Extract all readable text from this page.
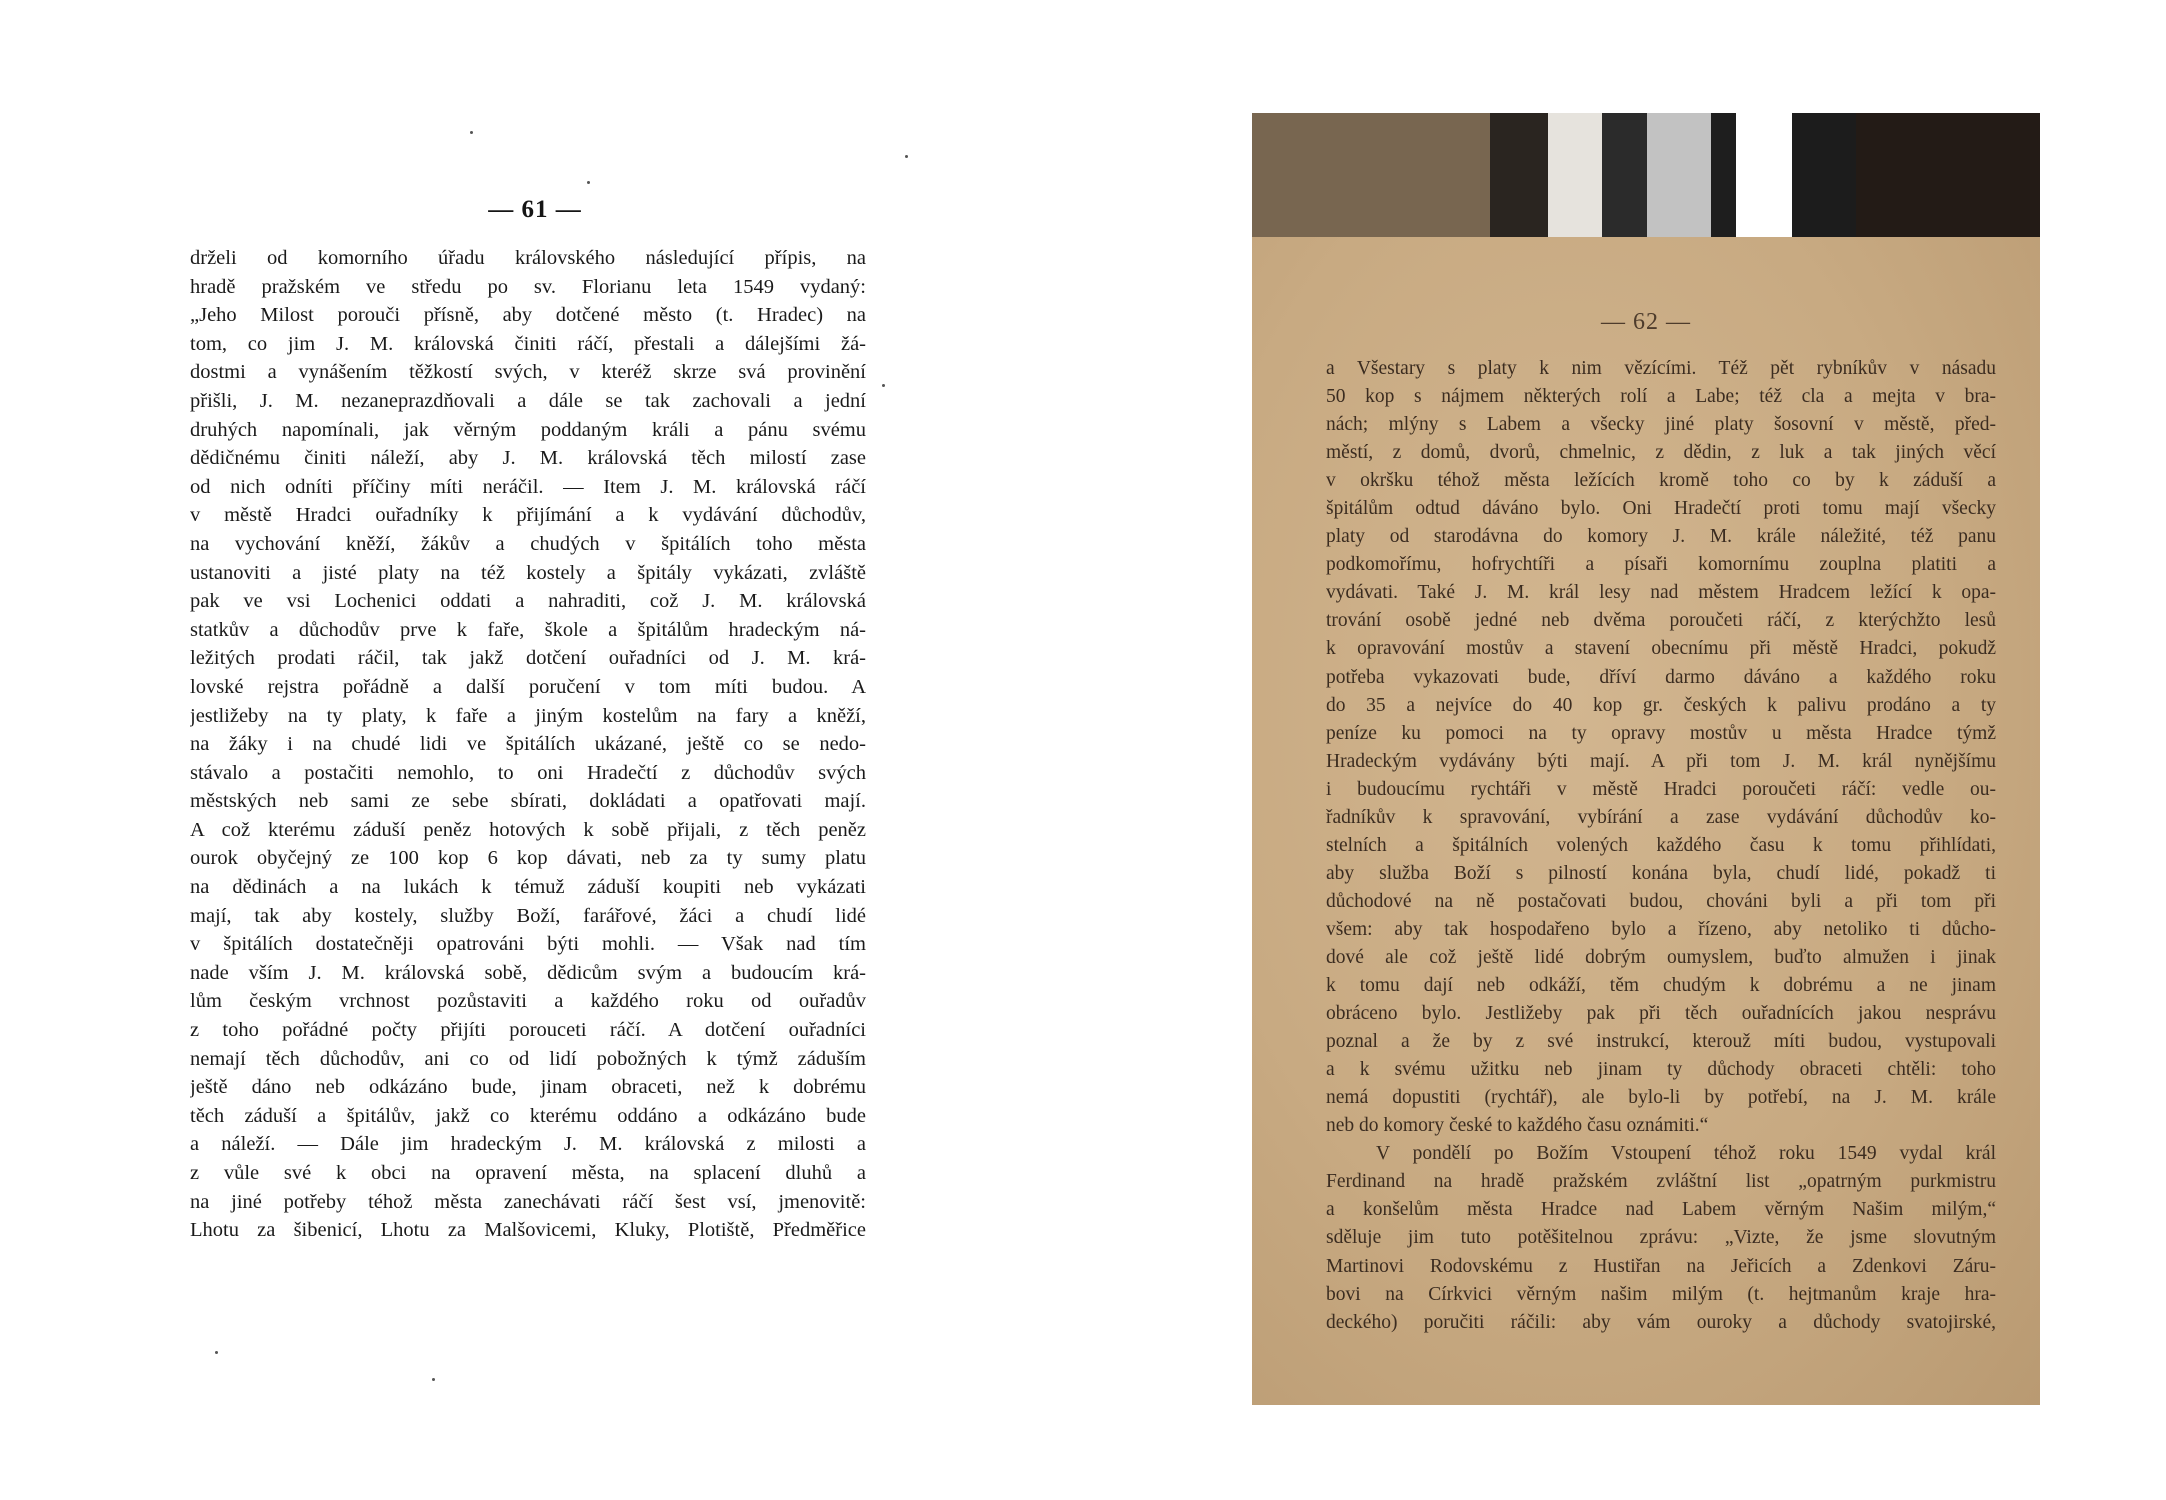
— 61 —
drželi od komorního úřadu královského následující přípis, na
hradě pražském ve středu po sv. Florianu leta 1549 vydaný:
„Jeho Milost porouči přísně, aby dotčené město (t. Hradec) na
tom, co jim J. M. královská činiti ráčí, přestali a dálejšími žá-
dostmi a vynášením těžkostí svých, v kteréž skrze svá provinění
přišli, J. M. nezaneprazdňovali a dále se tak zachovali a jední
druhých napomínali, jak věrným poddaným králi a pánu svému
dědičnému činiti náleží, aby J. M. královská těch milostí zase
od nich odníti příčiny míti neráčil. — Item J. M. královská ráčí
v městě Hradci ouřadníky k přijímání a k vydávání důchodův,
na vychování kněží, žákův a chudých v špitálích toho města
ustanoviti a jisté platy na též kostely a špitály vykázati, zvláště
pak ve vsi Lochenici oddati a nahraditi, což J. M. královská
statkův a důchodův prve k faře, škole a špitálům hradeckým ná-
ležitých prodati ráčil, tak jakž dotčení ouřadníci od J. M. krá-
lovské rejstra pořádně a další poručení v tom míti budou. A
jestližeby na ty platy, k faře a jiným kostelům na fary a kněží,
na žáky i na chudé lidi ve špitálích ukázané, ještě co se nedo-
stávalo a postačiti nemohlo, to oni Hradečtí z důchodův svých
městských neb sami ze sebe sbírati, dokládati a opatřovati mají.
A což kterému záduší peněz hotových k sobě přijali, z těch peněz
ourok obyčejný ze 100 kop 6 kop dávati, neb za ty sumy platu
na dědinách a na lukách k témuž záduší koupiti neb vykázati
mají, tak aby kostely, služby Boží, farářové, žáci a chudí lidé
v špitálích dostatečněji opatrováni býti mohli. — Však nad tím
nade vším J. M. královská sobě, dědicům svým a budoucím krá-
lům českým vrchnost pozůstaviti a každého roku od ouřadův
z toho pořádné počty přijíti porouceti ráčí. A dotčení ouřadníci
nemají těch důchodův, ani co od lidí pobožných k týmž záduším
ještě dáno neb odkázáno bude, jinam obraceti, než k dobrému
těch záduší a špitálův, jakž co kterému oddáno a odkázáno bude
a náleží. — Dále jim hradeckým J. M. královská z milosti a
z vůle své k obci na opravení města, na splacení dluhů a
na jiné potřeby téhož města zanechávati ráčí šest vsí, jmenovitě:
Lhotu za šibenicí, Lhotu za Malšovicemi, Kluky, Plotiště, Předměřice
— 62 —
a Všestary s platy k nim vězícími. Též pět rybníkův v násadu
50 kop s nájmem některých rolí a Labe; též cla a mejta v bra-
nách; mlýny s Labem a všecky jiné platy šosovní v městě, před-
městí, z domů, dvorů, chmelnic, z dědin, z luk a tak jiných věcí
v okršku téhož města ležících kromě toho co by k záduší a
špitálům odtud dáváno bylo. Oni Hradečtí proti tomu mají všecky
platy od starodávna do komory J. M. krále náležité, též panu
podkomořímu, hofrychtíři a písaři komornímu zouplna platiti a
vydávati. Také J. M. král lesy nad městem Hradcem ležící k opa-
trování osobě jedné neb dvěma poroučeti ráčí, z kterýchžto lesů
k opravování mostův a stavení obecnímu při městě Hradci, pokudž
potřeba vykazovati bude, dříví darmo dáváno a každého roku
do 35 a nejvíce do 40 kop gr. českých k palivu prodáno a ty
peníze ku pomoci na ty opravy mostův u města Hradce týmž
Hradeckým vydávány býti mají. A při tom J. M. král nynějšímu
i budoucímu rychtáři v městě Hradci poroučeti ráčí: vedle ou-
řadníkův k spravování, vybírání a zase vydávání důchodův ko-
stelních a špitálních volených každého času k tomu přihlídati,
aby služba Boží s pilností konána byla, chudí lidé, pokadž ti
důchodové na ně postačovati budou, chováni byli a při tom při
všem: aby tak hospodařeno bylo a řízeno, aby netoliko ti důcho-
dové ale což ještě lidé dobrým oumyslem, buďto almužen i jinak
k tomu dají neb odkáží, těm chudým k dobrému a ne jinam
obráceno bylo. Jestližeby pak při těch ouřadnících jakou nesprávu
poznal a že by z své instrukcí, kterouž míti budou, vystupovali
a k svému užitku neb jinam ty důchody obraceti chtěli: toho
nemá dopustiti (rychtář), ale bylo-li by potřebí, na J. M. krále
neb do komory české to každého času oznámiti.“
V pondělí po Božím Vstoupení téhož roku 1549 vydal král
Ferdinand na hradě pražském zvláštní list „opatrným purkmistru
a konšelům města Hradce nad Labem věrným Našim milým,“
sděluje jim tuto potěšitelnou zprávu: „Vizte, že jsme slovutným
Martinovi Rodovskému z Hustiřan na Jeřicích a Zdenkovi Záru-
bovi na Církvici věrným našim milým (t. hejtmanům kraje hra-
deckého) poručiti ráčili: aby vám ouroky a důchody svatojirské,
